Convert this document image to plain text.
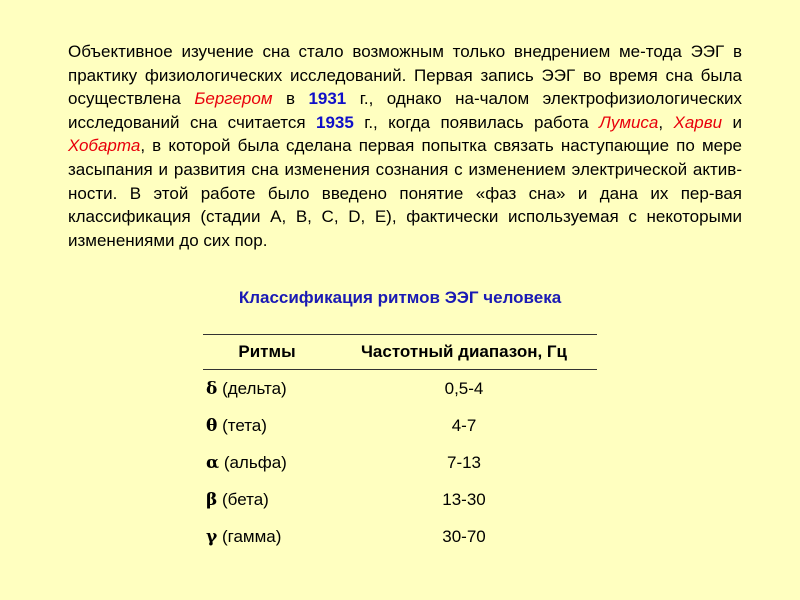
Объективное изучение сна стало возможным только внедрением ме-тода ЭЭГ в практику физиологических исследований. Первая запись ЭЭГ во время сна была осуществлена Бергером в 1931 г., однако на-чалом электрофизиологических исследований сна считается 1935 г., когда появилась работа Лумиса, Харви и Хобарта, в которой была сделана первая попытка связать наступающие по мере засыпания и развития сна изменения сознания с изменением электрической актив-ности. В этой работе было введено понятие «фаз сна» и дана их пер-вая классификация (стадии A, B, C, D, E), фактически используемая с некоторыми изменениями до сих пор.

Классификация ритмов ЭЭГ человека
Ритмы	Частотный диапазон, Гц
δ (дельта)	0,5-4
θ (тета)	4-7
α (альфа)	7-13
β (бета)	13-30
γ (гамма)	30-70
